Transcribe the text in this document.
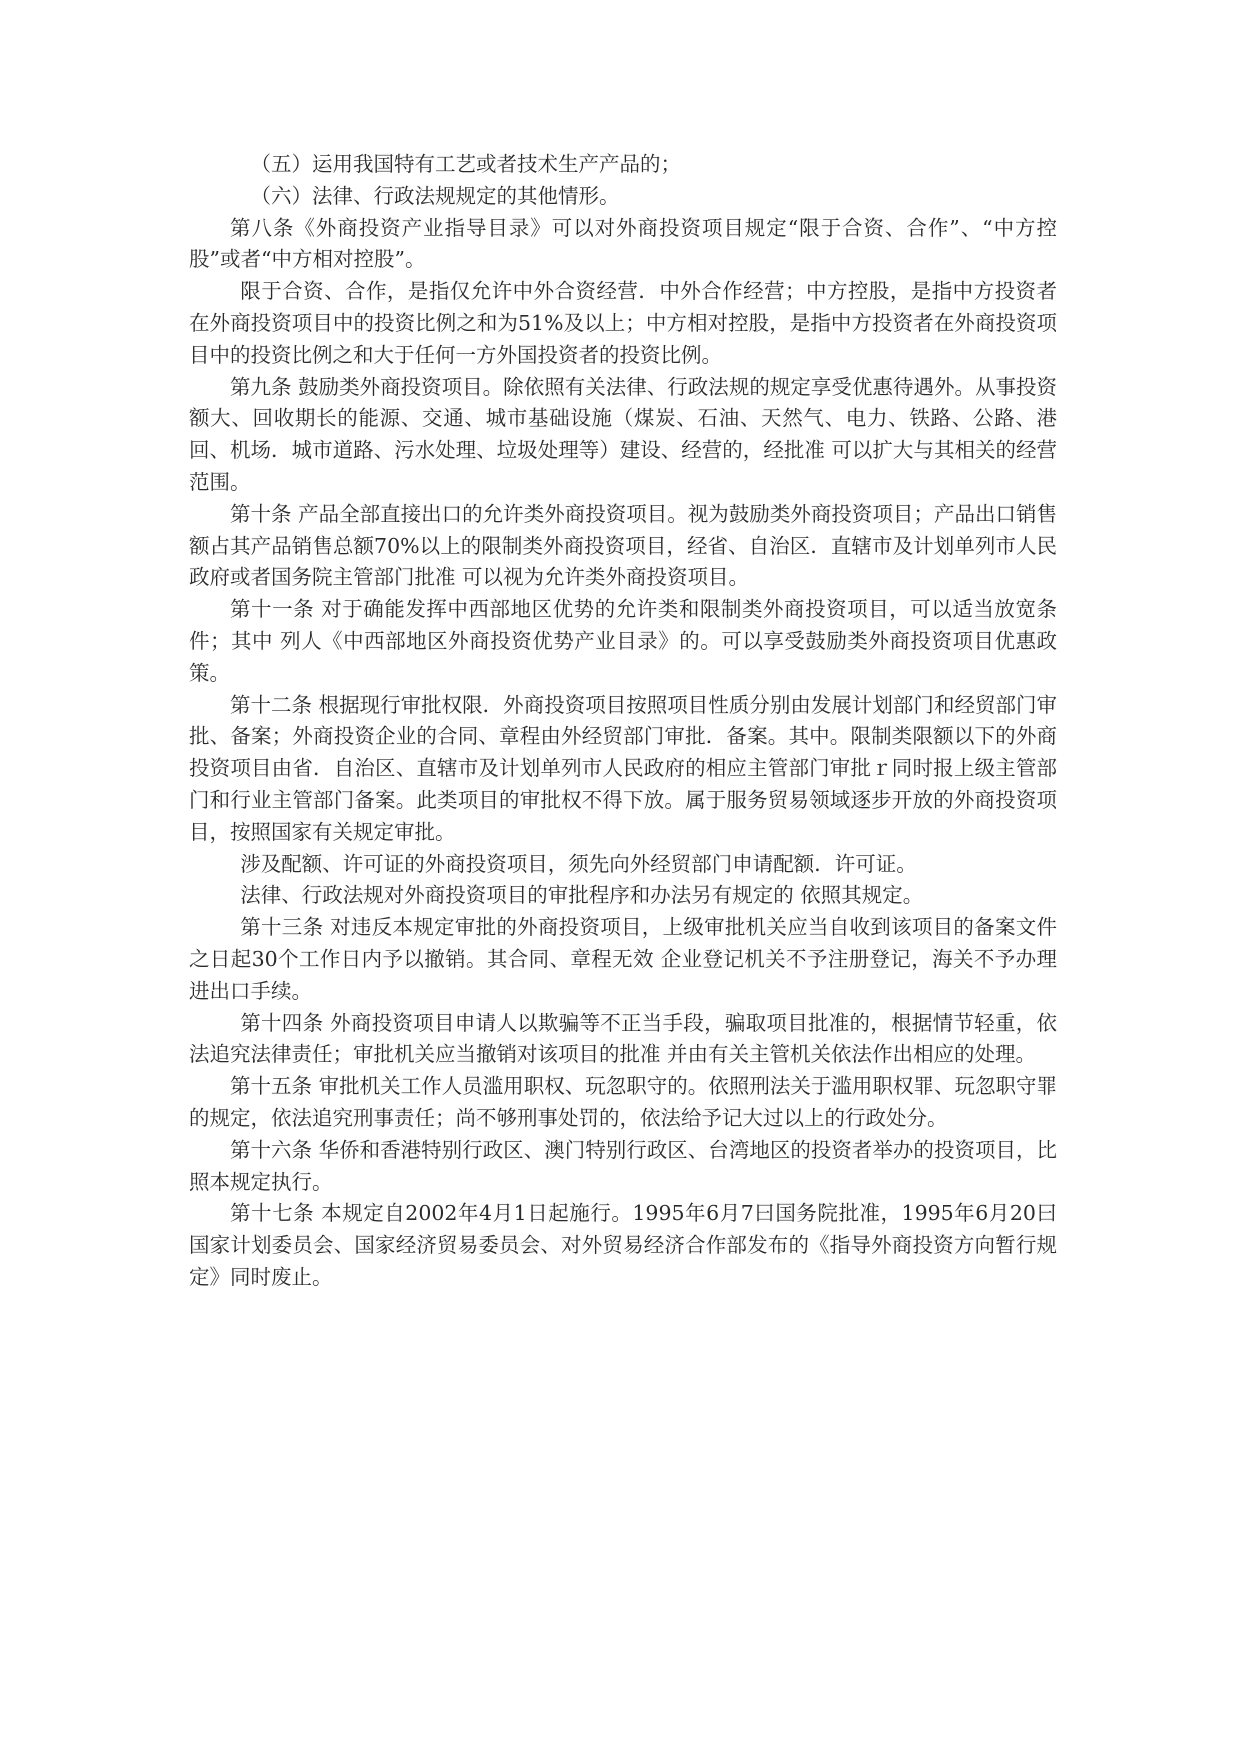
（五）运用我国特有工艺或者技术生产产品的；

（六）法律、行政法规规定的其他情形。

第八条《外商投资产业指导目录》可以对外商投资项目规定“限于合资、合作”、“中方控股”或者“中方相对控股”。

限于合资、合作，是指仅允许中外合资经营．中外合作经营；中方控股，是指中方投资者在外商投资项目中的投资比例之和为51%及以上；中方相对控股，是指中方投资者在外商投资项目中的投资比例之和大于任何一方外国投资者的投资比例。

第九条 鼓励类外商投资项目。除依照有关法律、行政法规的规定享受优惠待遇外。从事投资额大、回收期长的能源、交通、城市基础设施（煤炭、石油、天然气、电力、铁路、公路、港回、机场．城市道路、污水处理、垃圾处理等）建设、经营的，经批准 可以扩大与其相关的经营范围。

第十条 产品全部直接出口的允许类外商投资项目。视为鼓励类外商投资项目；产品出口销售额占其产品销售总额70%以上的限制类外商投资项目，经省、自治区．直辖市及计划单列市人民政府或者国务院主管部门批准 可以视为允许类外商投资项目。

第十一条 对于确能发挥中西部地区优势的允许类和限制类外商投资项目，可以适当放宽条件；其中 列人《中西部地区外商投资优势产业目录》的。可以享受鼓励类外商投资项目优惠政策。

第十二条 根据现行审批权限．外商投资项目按照项目性质分别由发展计划部门和经贸部门审批、备案；外商投资企业的合同、章程由外经贸部门审批．备案。其中。限制类限额以下的外商投资项目由省．自治区、直辖市及计划单列市人民政府的相应主管部门审批ｒ同时报上级主管部门和行业主管部门备案。此类项目的审批权不得下放。属于服务贸易领域逐步开放的外商投资项目，按照国家有关规定审批。

涉及配额、许可证的外商投资项目，须先向外经贸部门申请配额．许可证。

法律、行政法规对外商投资项目的审批程序和办法另有规定的 依照其规定。

第十三条 对违反本规定审批的外商投资项目，上级审批机关应当自收到该项目的备案文件之日起30个工作日内予以撤销。其合同、章程无效 企业登记机关不予注册登记，海关不予办理进出口手续。

第十四条 外商投资项目申请人以欺骗等不正当手段，骗取项目批准的，根据情节轻重，依法追究法律责任；审批机关应当撤销对该项目的批准 并由有关主管机关依法作出相应的处理。

第十五条 审批机关工作人员滥用职权、玩忽职守的。依照刑法关于滥用职权罪、玩忽职守罪的规定，依法追究刑事责任；尚不够刑事处罚的，依法给予记大过以上的行政处分。

第十六条 华侨和香港特别行政区、澳门特别行政区、台湾地区的投资者举办的投资项目，比照本规定执行。

第十七条 本规定自2002年4月1日起施行。1995年6月7曰国务院批准，1995年6月20曰国家计划委员会、国家经济贸易委员会、对外贸易经济合作部发布的《指导外商投资方向暂行规定》同时废止。
